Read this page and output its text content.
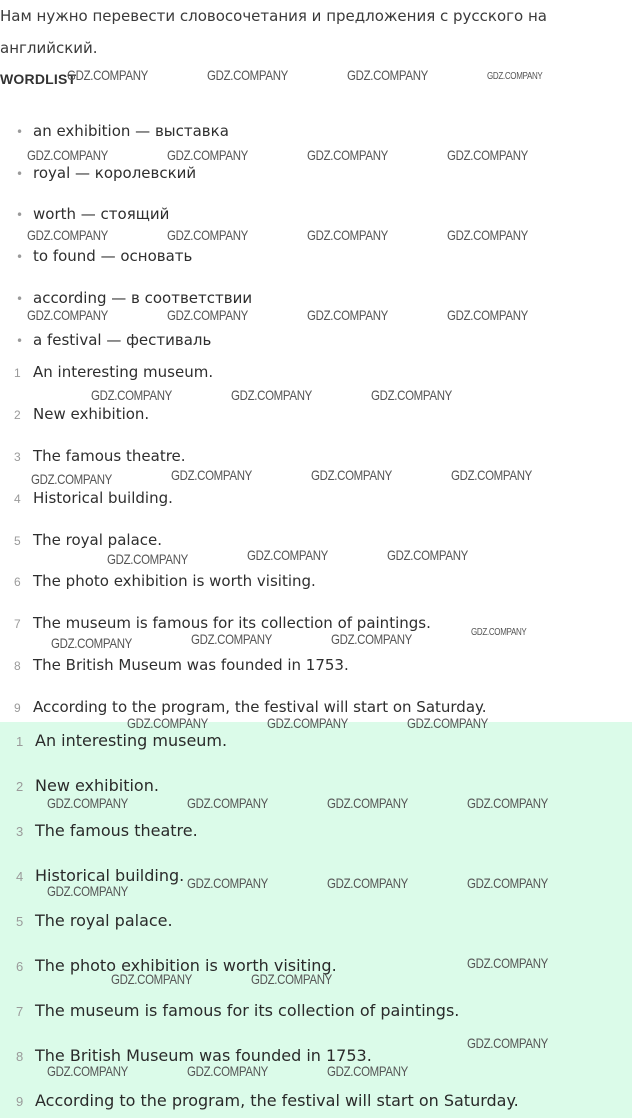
Нам нужно перевести словосочетания и предложения с русского на
английский.
WORDLIST
• an exhibition — выставка
• royal — королевский
• worth — стоящий
• to found — основать
• according — в соответствии
• a festival — фестиваль
1 An interesting museum.
2 New exhibition.
3 The famous theatre.
4 Historical building.
5 The royal palace.
6 The photo exhibition is worth visiting.
7 The museum is famous for its collection of paintings.
8 The British Museum was founded in 1753.
9 According to the program, the festival will start on Saturday.
1 An interesting museum.
2 New exhibition.
3 The famous theatre.
4 Historical building.
5 The royal palace.
6 The photo exhibition is worth visiting.
7 The museum is famous for its collection of paintings.
8 The British Museum was founded in 1753.
9 According to the program, the festival will start on Saturday.
GDZ.COMPANY	GDZ.COMPANY	GDZ.COMPANY	GDZ.COMPANY
GDZ.COMPANY	GDZ.COMPANY	GDZ.COMPANY	GDZ.COMPANY
GDZ.COMPANY	GDZ.COMPANY	GDZ.COMPANY	GDZ.COMPANY
GDZ.COMPANY	GDZ.COMPANY	GDZ.COMPANY	GDZ.COMPANY
GDZ.COMPANY	GDZ.COMPANY	GDZ.COMPANY
GDZ.COMPANY	GDZ.COMPANY	GDZ.COMPANY	GDZ.COMPANY
GDZ.COMPANY	GDZ.COMPANY	GDZ.COMPANY
GDZ.COMPANY	GDZ.COMPANY	GDZ.COMPANY	GDZ.COMPANY
GDZ.COMPANY	GDZ.COMPANY	GDZ.COMPANY
GDZ.COMPANY	GDZ.COMPANY	GDZ.COMPANY	GDZ.COMPANY
GDZ.COMPANY	GDZ.COMPANY	GDZ.COMPANY	GDZ.COMPANY
GDZ.COMPANY	GDZ.COMPANY
GDZ.COMPANY
GDZ.COMPANY
GDZ.COMPANY	GDZ.COMPANY	GDZ.COMPANY
